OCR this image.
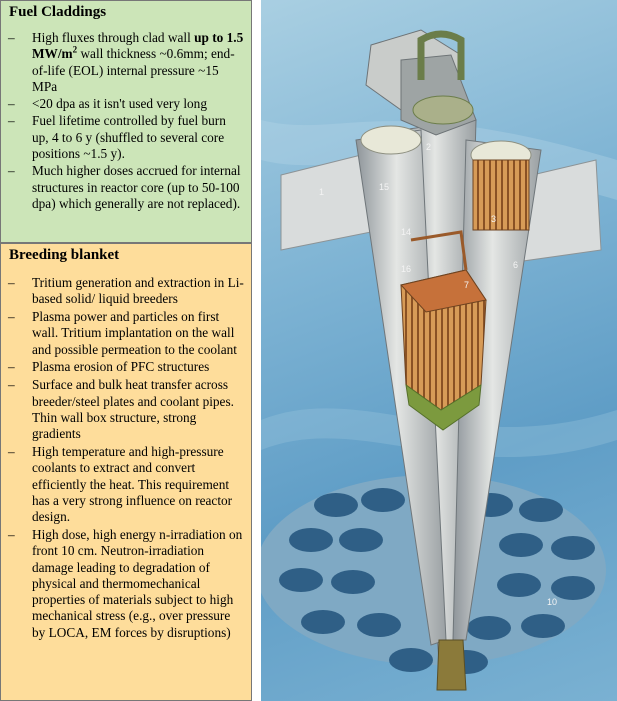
Fuel Claddings
– High fluxes through clad wall up to 1.5 $MW/m^2$ wall thickness ~0.6mm; end-of-life (EOL) internal pressure ~15 MPa
– <20 dpa as it isn't used very long
– Fuel lifetime controlled by fuel burn up, 4 to 6 y (shuffled to several core positions ~1.5 y).
– Much higher doses accrued for internal structures in reactor core (up to 50-100 dpa) which generally are not replaced).
Breeding blanket
– Tritium generation and extraction in Li-based solid/ liquid breeders
– Plasma power and particles on first wall. Tritium implantation on the wall and possible permeation to the coolant
– Plasma erosion of PFC structures
– Surface and bulk heat transfer across breeder/steel plates and coolant pipes. Thin wall box structure, strong gradients
– High temperature and high-pressure coolants to extract and convert efficiently the heat. This requirement has a very strong influence on reactor design.
– High dose, high energy n-irradiation on front 10 cm. Neutron-irradiation damage leading to degradation of physical and thermomechanical properties of materials subject to high mechanical stress (e.g., over pressure by LOCA, EM forces by disruptions)
1
2
3
6
7
10
14
15
16
